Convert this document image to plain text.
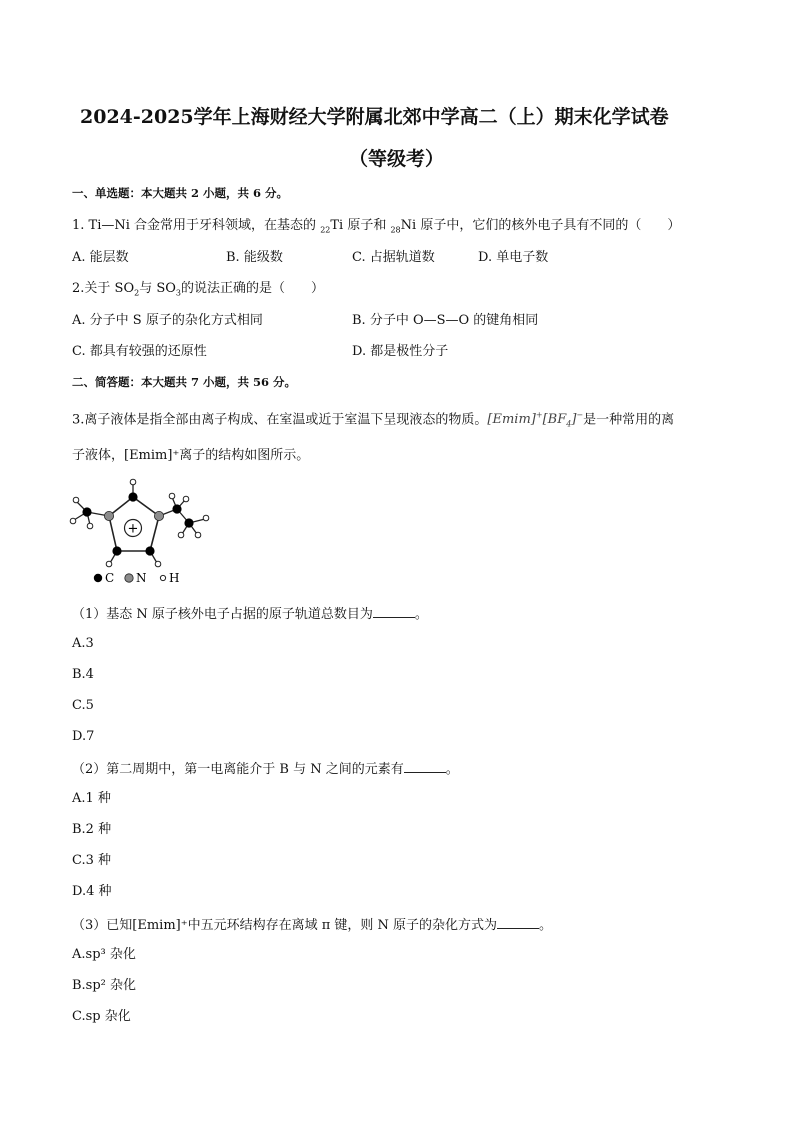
2024-2025学年上海财经大学附属北郊中学高二（上）期末化学试卷
（等级考）
一、单选题：本大题共 2 小题，共 6 分。
1. Ti—Ni 合金常用于牙科领域，在基态的 $_{22}$Ti 原子和 $_{28}$Ni 原子中，它们的核外电子具有不同的（　　）
A. 能层数	B. 能级数	C. 占据轨道数	D. 单电子数
2.关于 $SO_2$与 $SO_3$的说法正确的是（　　）
A. 分子中 S 原子的杂化方式相同	B. 分子中 O—S—O 的键角相同
C. 都具有较强的还原性	D. 都是极性分子
二、简答题：本大题共 7 小题，共 56 分。
3.离子液体是指全部由离子构成、在室温或近于室温下呈现液态的物质。$[Emim]^+[BF_4]^-$是一种常用的离
子液体，[Emim]⁺离子的结构如图所示。
+
C N H
（1）基态 N 原子核外电子占据的原子轨道总数目为	。
A.3
B.4
C.5
D.7
（2）第二周期中，第一电离能介于 B 与 N 之间的元素有	。
A.1 种
B.2 种
C.3 种
D.4 种
（3）已知[Emim]⁺中五元环结构存在离域 π 键，则 N 原子的杂化方式为	。
A.sp³ 杂化
B.sp² 杂化
C.sp 杂化
